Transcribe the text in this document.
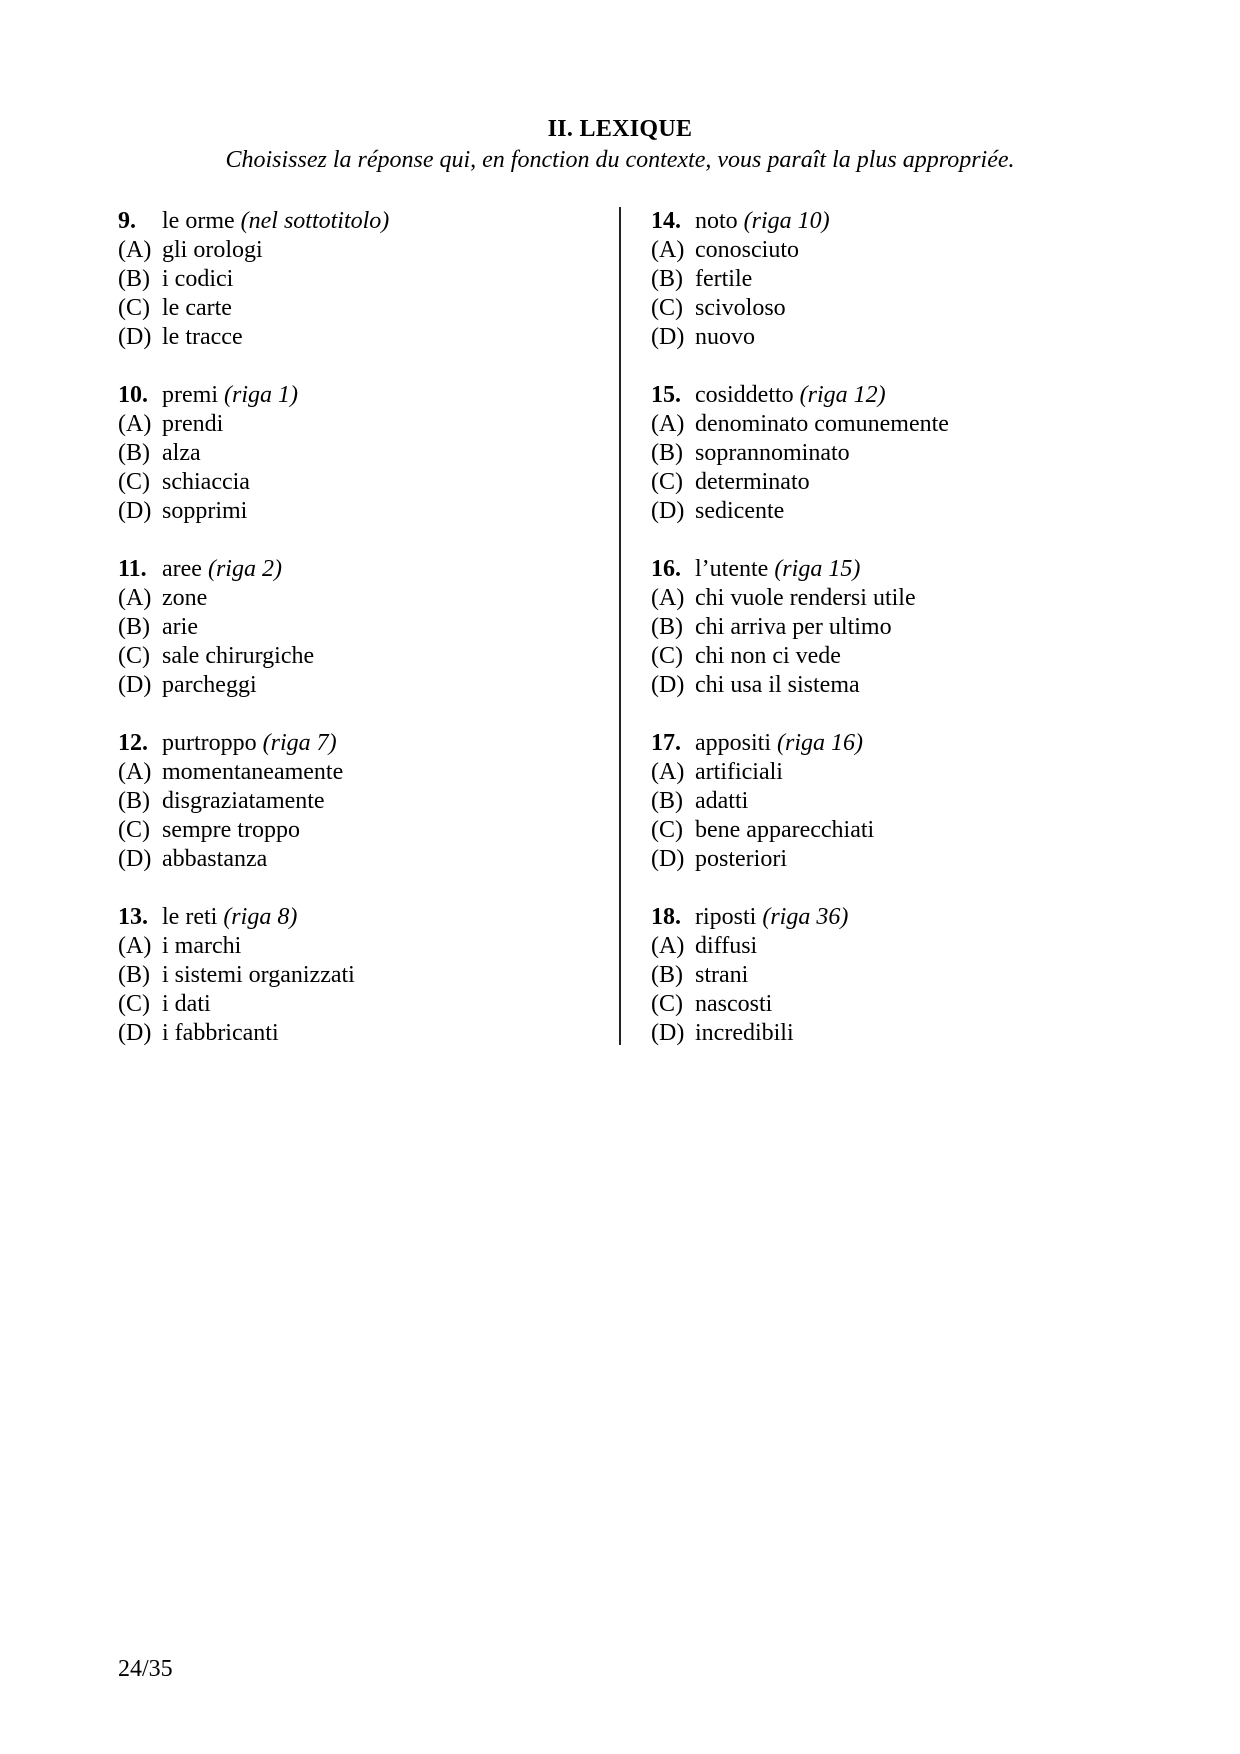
II. LEXIQUE
Choisissez la réponse qui, en fonction du contexte, vous paraît la plus appropriée.
9. le orme (nel sottotitolo)
(A) gli orologi
(B) i codici
(C) le carte
(D) le tracce
10. premi (riga 1)
(A) prendi
(B) alza
(C) schiaccia
(D) sopprimi
11. aree (riga 2)
(A) zone
(B) arie
(C) sale chirurgiche
(D) parcheggi
12. purtroppo (riga 7)
(A) momentaneamente
(B) disgraziatamente
(C) sempre troppo
(D) abbastanza
13. le reti (riga 8)
(A) i marchi
(B) i sistemi organizzati
(C) i dati
(D) i fabbricanti
14. noto (riga 10)
(A) conosciuto
(B) fertile
(C) scivoloso
(D) nuovo
15. cosiddetto (riga 12)
(A) denominato comunemente
(B) soprannominato
(C) determinato
(D) sedicente
16. l’utente (riga 15)
(A) chi vuole rendersi utile
(B) chi arriva per ultimo
(C) chi non ci vede
(D) chi usa il sistema
17. appositi (riga 16)
(A) artificiali
(B) adatti
(C) bene apparecchiati
(D) posteriori
18. riposti (riga 36)
(A) diffusi
(B) strani
(C) nascosti
(D) incredibili
24/35
